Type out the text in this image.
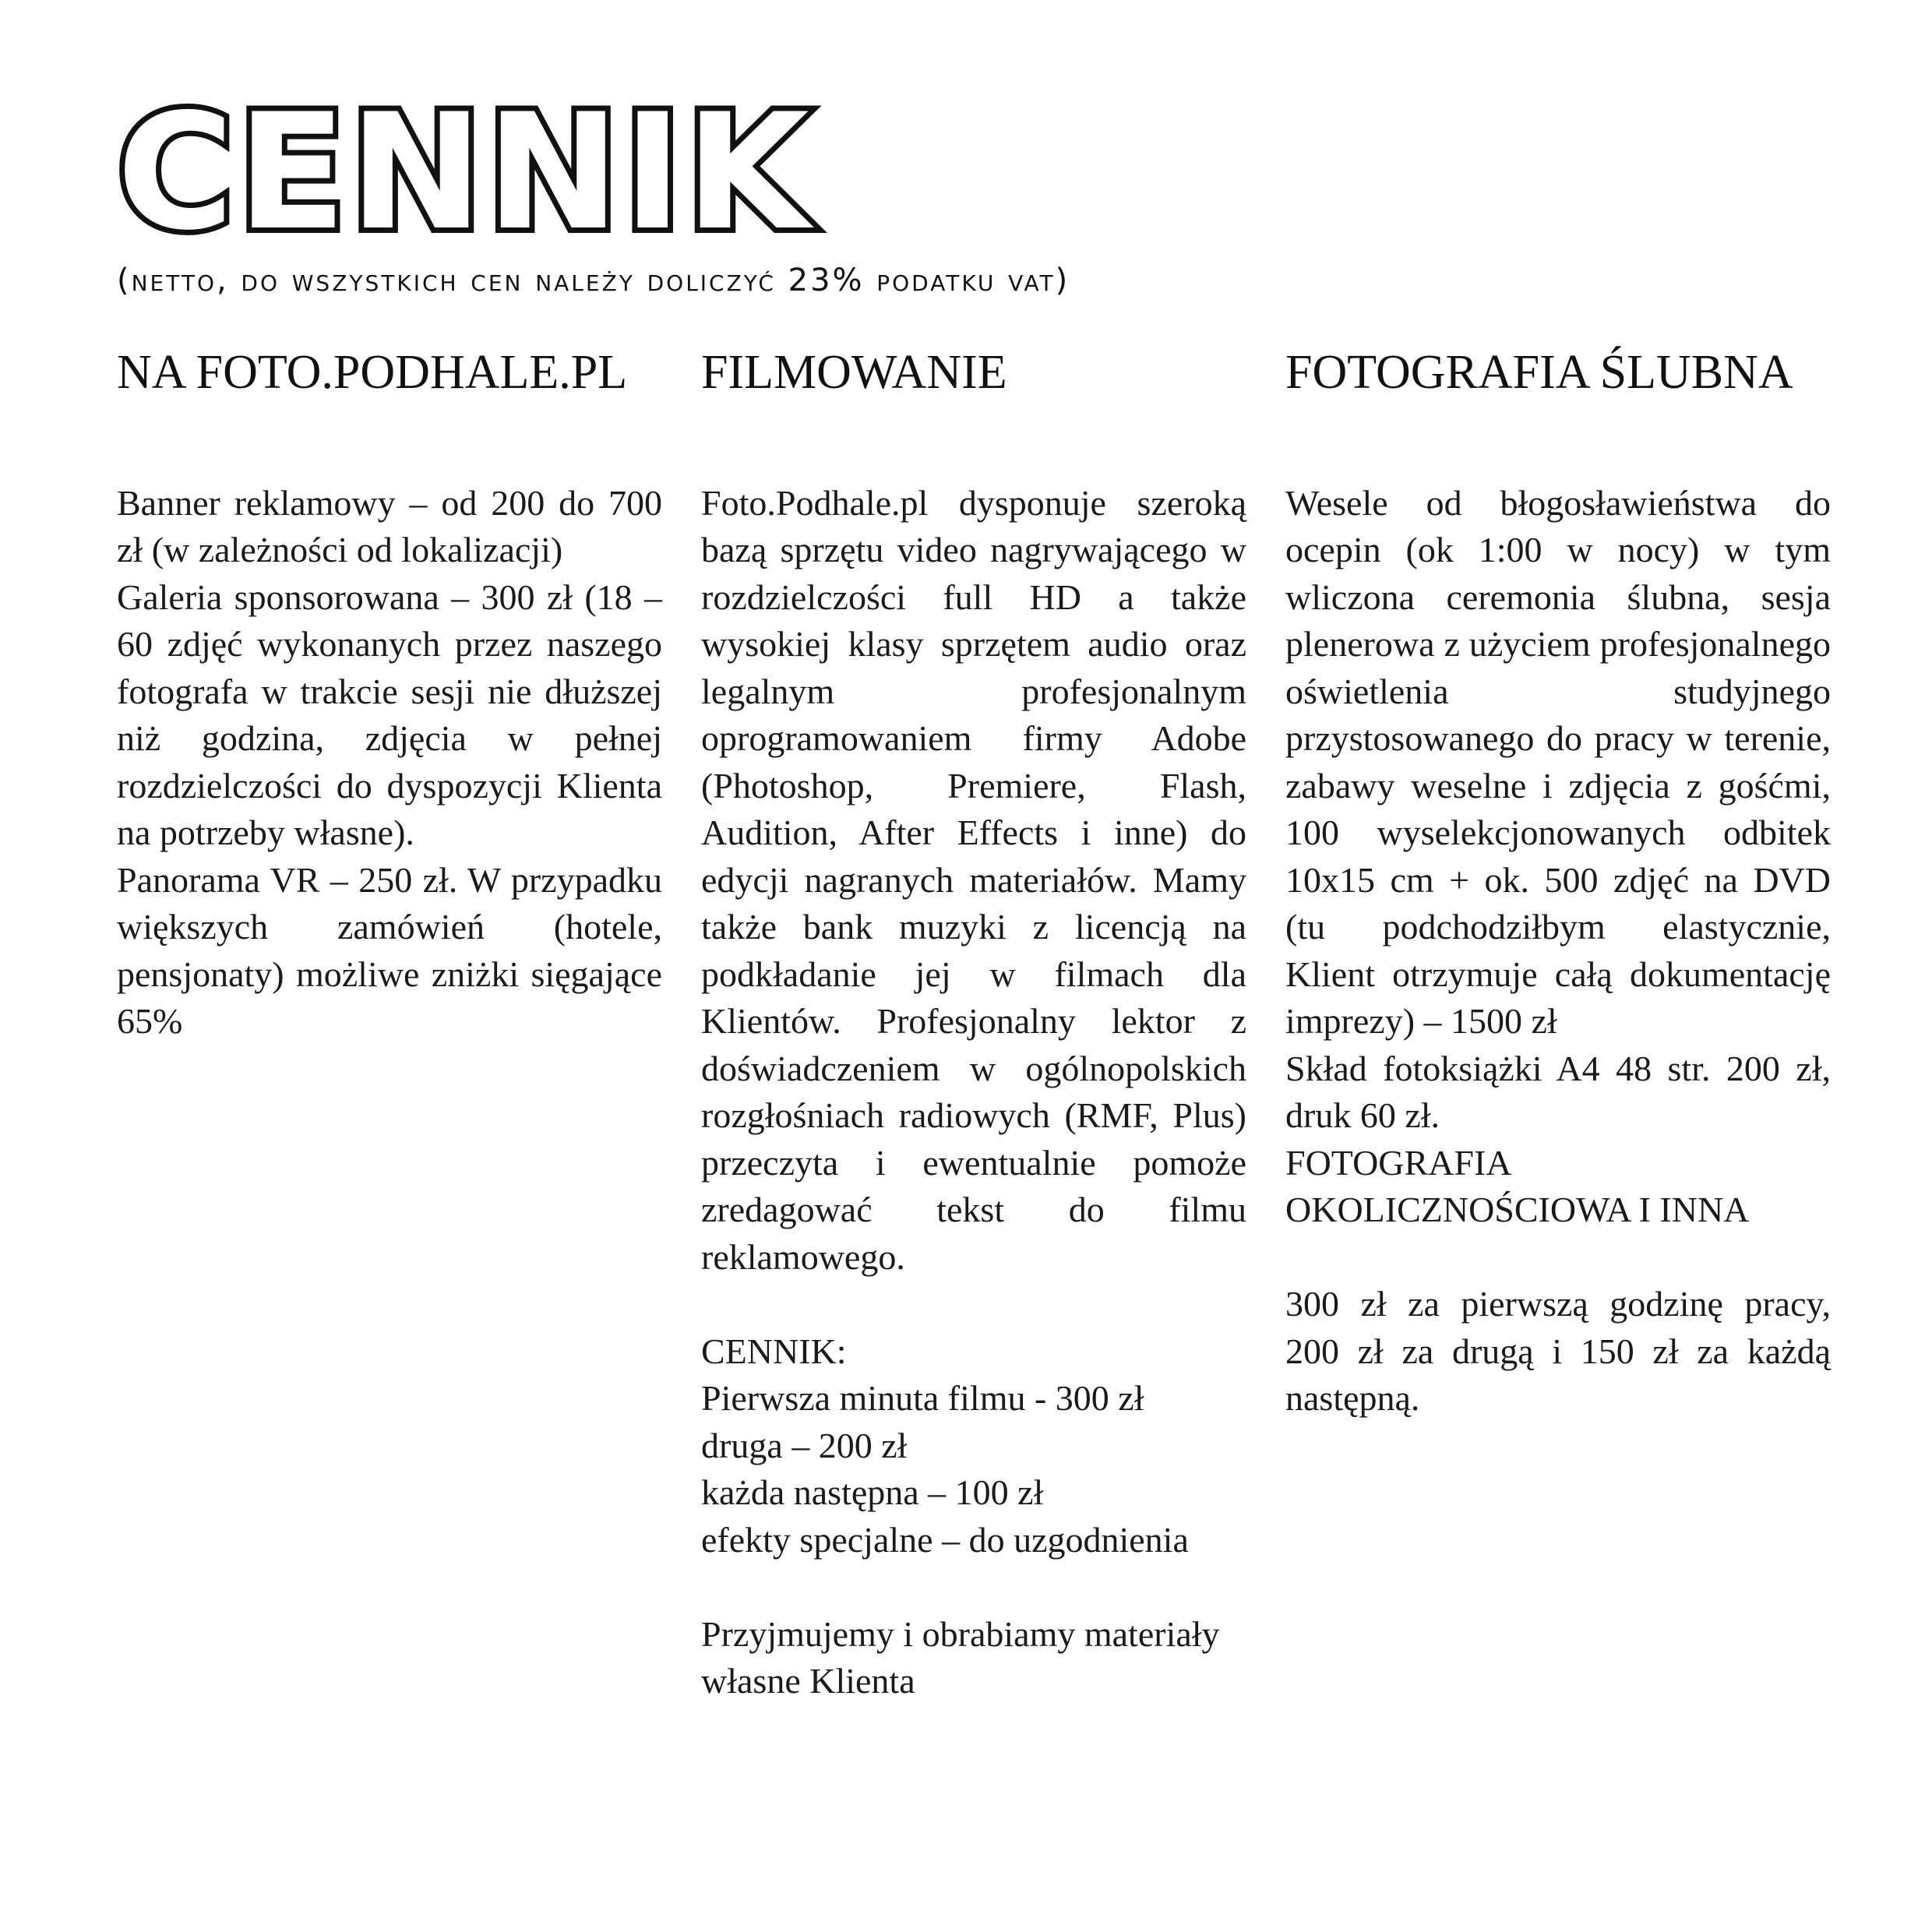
CENNIK

(netto, do wszystkich cen należy doliczyć 23% podatku vat)

NA FOTO.PODHALE.PL

Banner reklamowy – od 200 do 700 zł (w zależności od lokalizacji)

Galeria sponsorowana – 300 zł (18 – 60 zdjęć wykonanych przez naszego fotografa w trakcie sesji nie dłuższej niż godzina, zdjęcia w pełnej rozdzielczości do dyspozycji Klienta na potrzeby własne).

Panorama VR – 250 zł. W przypadku większych zamówień (hotele, pensjonaty) możliwe zniżki sięgające 65%

FILMOWANIE

Foto.Podhale.pl dysponuje szeroką bazą sprzętu video nagrywającego w rozdzielczości full HD a także wysokiej klasy sprzętem audio oraz legalnym profesjonalnym oprogramowaniem firmy Adobe (Photoshop, Premiere, Flash, Audition, After Effects i inne) do edycji nagranych materiałów. Mamy także bank muzyki z licencją na podkładanie jej w filmach dla Klientów. Profesjonalny lektor z doświadczeniem w ogólnopolskich rozgłośniach radiowych (RMF, Plus) przeczyta i ewentualnie pomoże zredagować tekst do filmu reklamowego.

CENNIK:
Pierwsza minuta filmu - 300 zł
druga – 200 zł
każda następna – 100 zł
efekty specjalne – do uzgodnienia

Przyjmujemy i obrabiamy materiały własne Klienta

FOTOGRAFIA ŚLUBNA

Wesele od błogosławieństwa do ocepin (ok 1:00 w nocy) w tym wliczona ceremonia ślubna, sesja plenerowa z użyciem profesjonalnego oświetlenia studyjnego przystosowanego do pracy w terenie, zabawy weselne i zdjęcia z gośćmi, 100 wyselekcjonowanych odbitek 10x15 cm + ok. 500 zdjęć na DVD (tu podchodziłbym elastycznie, Klient otrzymuje całą dokumentację imprezy) – 1500 zł

Skład fotoksiążki A4 48 str. 200 zł, druk 60 zł.

FOTOGRAFIA OKOLICZNOŚCIOWA I INNA

300 zł za pierwszą godzinę pracy, 200 zł za drugą i 150 zł za każdą następną.
